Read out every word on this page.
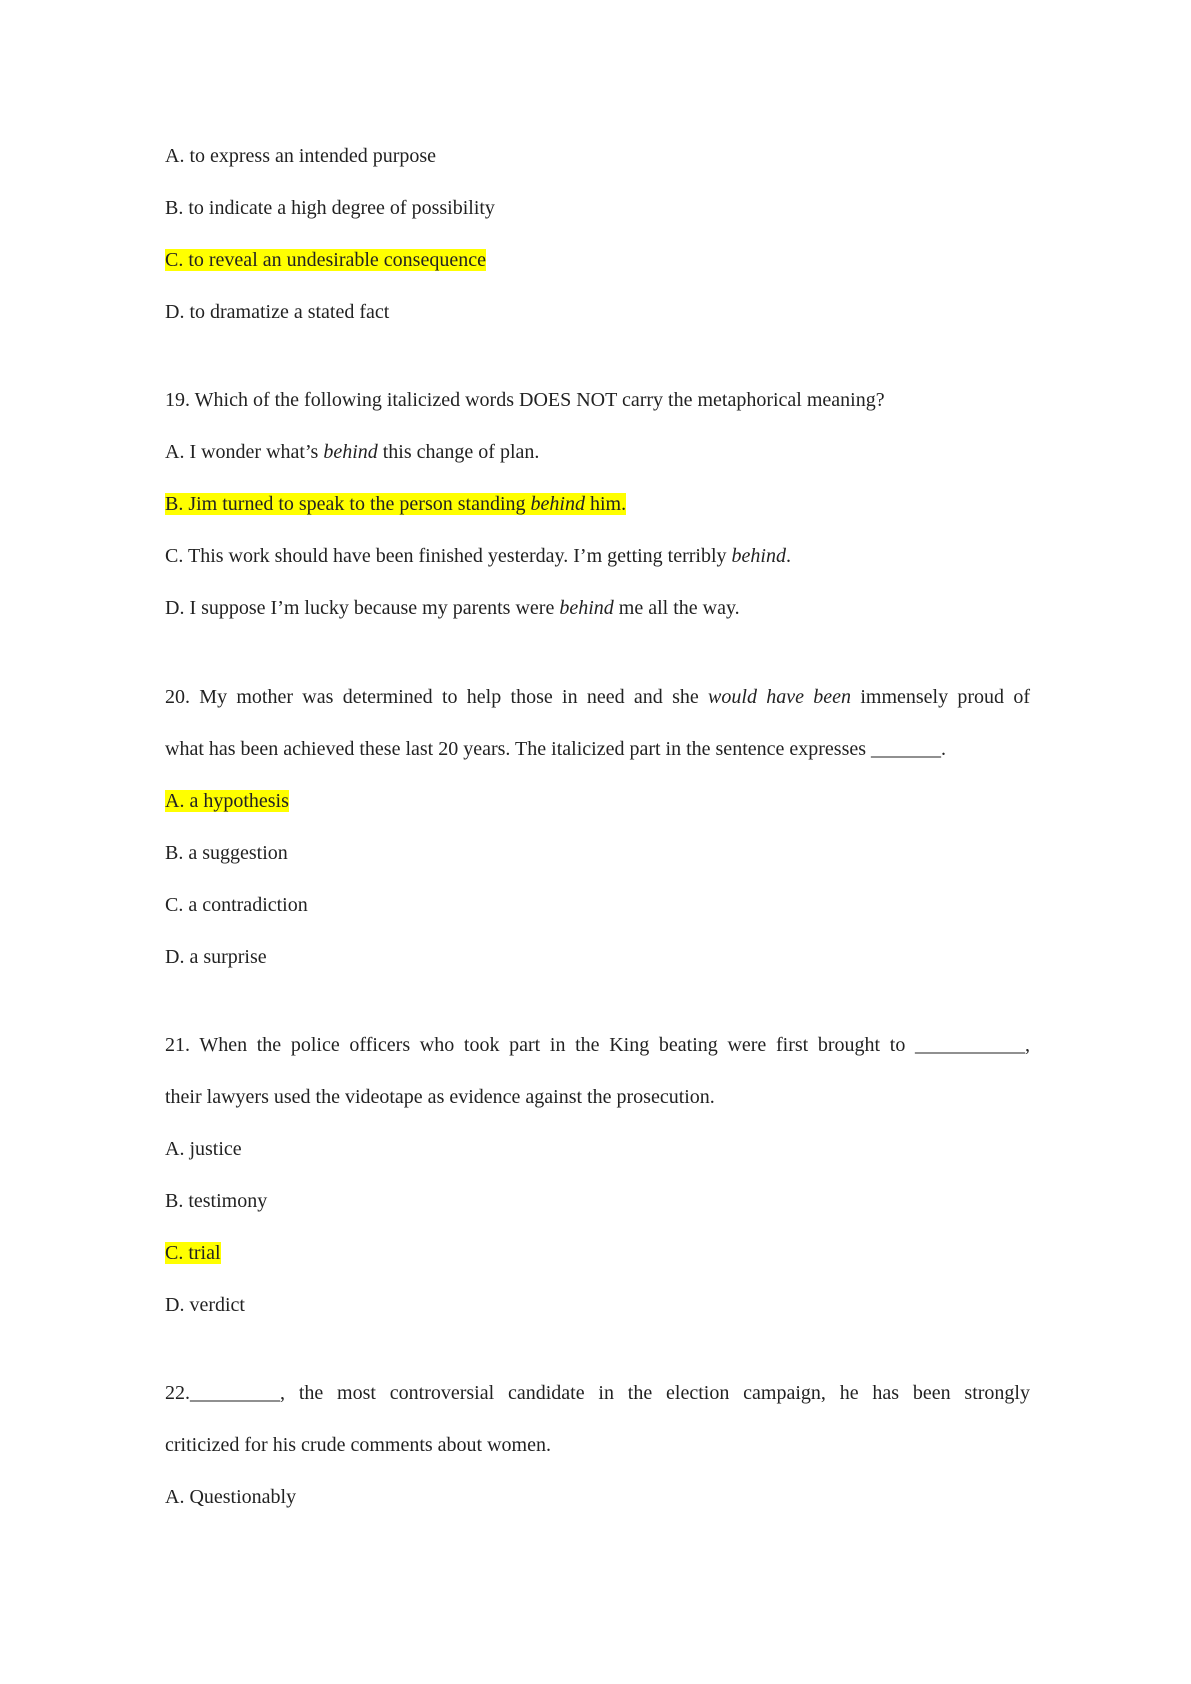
A. to express an intended purpose
B. to indicate a high degree of possibility
C. to reveal an undesirable consequence
D. to dramatize a stated fact
19. Which of the following italicized words DOES NOT carry the metaphorical meaning?
A. I wonder what’s behind this change of plan.
B. Jim turned to speak to the person standing behind him.
C. This work should have been finished yesterday. I’m getting terribly behind.
D. I suppose I’m lucky because my parents were behind me all the way.
20. My mother was determined to help those in need and she would have been immensely proud of
what has been achieved these last 20 years. The italicized part in the sentence expresses _______.
A. a hypothesis
B. a suggestion
C. a contradiction
D. a surprise
21. When the police officers who took part in the King beating were first brought to ___________,
their lawyers used the videotape as evidence against the prosecution.
A. justice
B. testimony
C. trial
D. verdict
22._________, the most controversial candidate in the election campaign, he has been strongly
criticized for his crude comments about women.
A. Questionably
